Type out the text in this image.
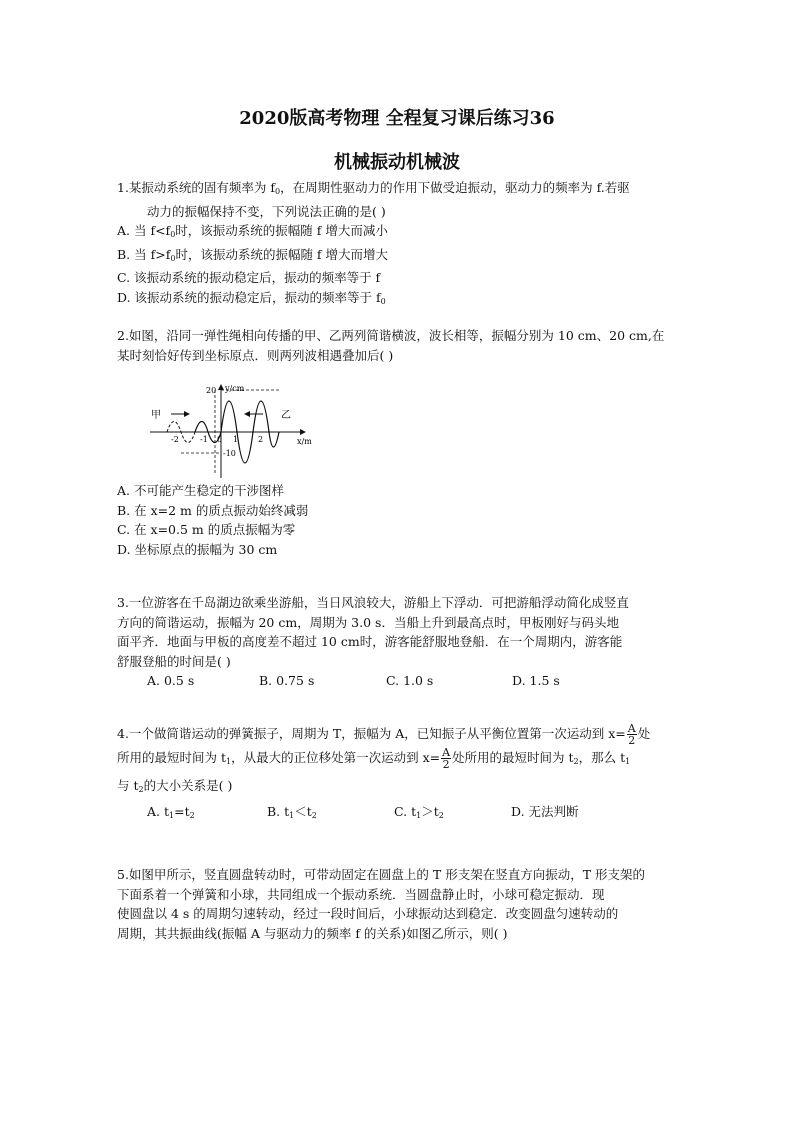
2020版高考物理 全程复习课后练习36
机械振动机械波

1.某振动系统的固有频率为 $f_0$，在周期性驱动力的作用下做受迫振动，驱动力的频率为 f.若驱

动力的振幅保持不变，下列说法正确的是( )

A. 当 $f<f_0$时，该振动系统的振幅随 f 增大而减小

B. 当 $f>f_0$时，该振动系统的振幅随 f 增大而增大

C. 该振动系统的振动稳定后，振动的频率等于 f

D. 该振动系统的振动稳定后，振动的频率等于 $f_0$

2.如图，沿同一弹性绳相向传播的甲、乙两列简谐横波，波长相等，振幅分别为 10 cm、20 cm,在

某时刻恰好传到坐标原点．则两列波相遇叠加后( )

y/cm
x/m
甲	乙
20
-10
-2	-1 0 1 2

A. 不可能产生稳定的干涉图样

B. 在 x=2 m 的质点振动始终减弱

C. 在 x=0.5 m 的质点振幅为零

D. 坐标原点的振幅为 30 cm

3.一位游客在千岛湖边欲乘坐游船，当日风浪较大，游船上下浮动．可把游船浮动简化成竖直

方向的简谐运动，振幅为 20 cm，周期为 3.0 s．当船上升到最高点时，甲板刚好与码头地

面平齐．地面与甲板的高度差不超过 10 cm时，游客能舒服地登船．在一个周期内，游客能

舒服登船的时间是( )

A. 0.5 s	B. 0.75 s	C. 1.0 s	D. 1.5 s

4.一个做简谐运动的弹簧振子，周期为 T，振幅为 A，已知振子从平衡位置第一次运动到 $x= \frac{A}{2}$ 处

所用的最短时间为 $t_1$，从最大的正位移处第一次运动到 $x= \frac{A}{2}$ 处所用的最短时间为 $t_2$，那么 $t_1$

与 $t_2$的大小关系是( )

A. $t_1=t_2$	B. $t_1<t_2$	C. $t_1>t_2$	D. 无法判断

5.如图甲所示，竖直圆盘转动时，可带动固定在圆盘上的 T 形支架在竖直方向振动，T 形支架的

下面系着一个弹簧和小球，共同组成一个振动系统．当圆盘静止时，小球可稳定振动．现

使圆盘以 4 s 的周期匀速转动，经过一段时间后，小球振动达到稳定．改变圆盘匀速转动的

周期，其共振曲线(振幅 A 与驱动力的频率 f 的关系)如图乙所示，则( )
